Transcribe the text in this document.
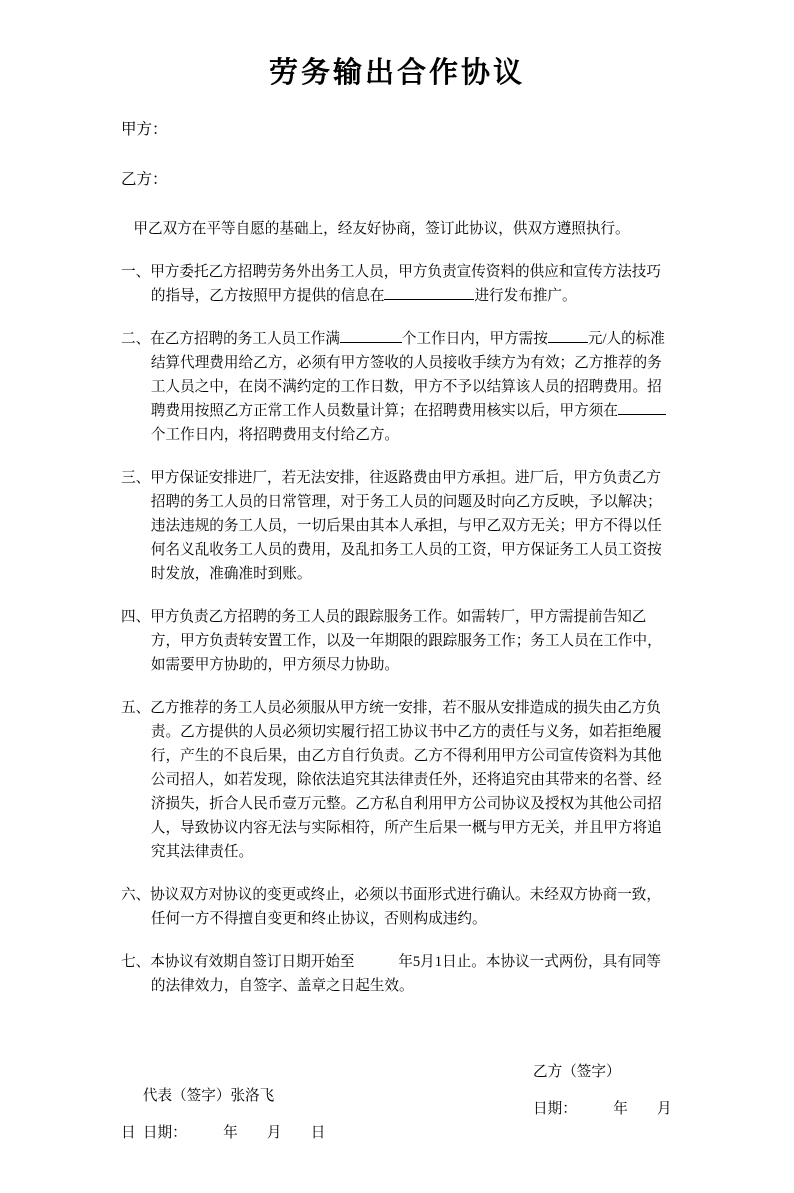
劳务输出合作协议

甲方：

乙方：

甲乙双方在平等自愿的基础上，经友好协商，签订此协议，供双方遵照执行。

一、甲方委托乙方招聘劳务外出务工人员，甲方负责宣传资料的供应和宣传方法技巧的指导，乙方按照甲方提供的信息在	进行发布推广。

二、在乙方招聘的务工人员工作满	个工作日内，甲方需按	元/人的标准结算代理费用给乙方，必须有甲方签收的人员接收手续方为有效；乙方推荐的务工人员之中，在岗不满约定的工作日数，甲方不予以结算该人员的招聘费用。招聘费用按照乙方正常工作人员数量计算；在招聘费用核实以后，甲方须在个工作日内，将招聘费用支付给乙方。

三、甲方保证安排进厂，若无法安排，往返路费由甲方承担。进厂后，甲方负责乙方招聘的务工人员的日常管理，对于务工人员的问题及时向乙方反映，予以解决；违法违规的务工人员，一切后果由其本人承担，与甲乙双方无关；甲方不得以任何名义乱收务工人员的费用，及乱扣务工人员的工资，甲方保证务工人员工资按时发放，准确准时到账。

四、甲方负责乙方招聘的务工人员的跟踪服务工作。如需转厂，甲方需提前告知乙方，甲方负责转安置工作，以及一年期限的跟踪服务工作；务工人员在工作中，如需要甲方协助的，甲方须尽力协助。

五、乙方推荐的务工人员必须服从甲方统一安排，若不服从安排造成的损失由乙方负责。乙方提供的人员必须切实履行招工协议书中乙方的责任与义务，如若拒绝履行，产生的不良后果，由乙方自行负责。乙方不得利用甲方公司宣传资料为其他公司招人，如若发现，除依法追究其法律责任外，还将追究由其带来的名誉、经济损失，折合人民币壹万元整。乙方私自利用甲方公司协议及授权为其他公司招人，导致协议内容无法与实际相符，所产生后果一概与甲方无关，并且甲方将追究其法律责任。

六、协议双方对协议的变更或终止，必须以书面形式进行确认。未经双方协商一致，任何一方不得擅自变更和终止协议，否则构成违约。

七、本协议有效期自签订日期开始至　　　年5月1日止。本协议一式两份，具有同等的法律效力，自签字、盖章之日起生效。

代表（签字）张洛飞

乙方（签字）

日期：　　　年　　月　　日

日期：　　　年　　月

日
